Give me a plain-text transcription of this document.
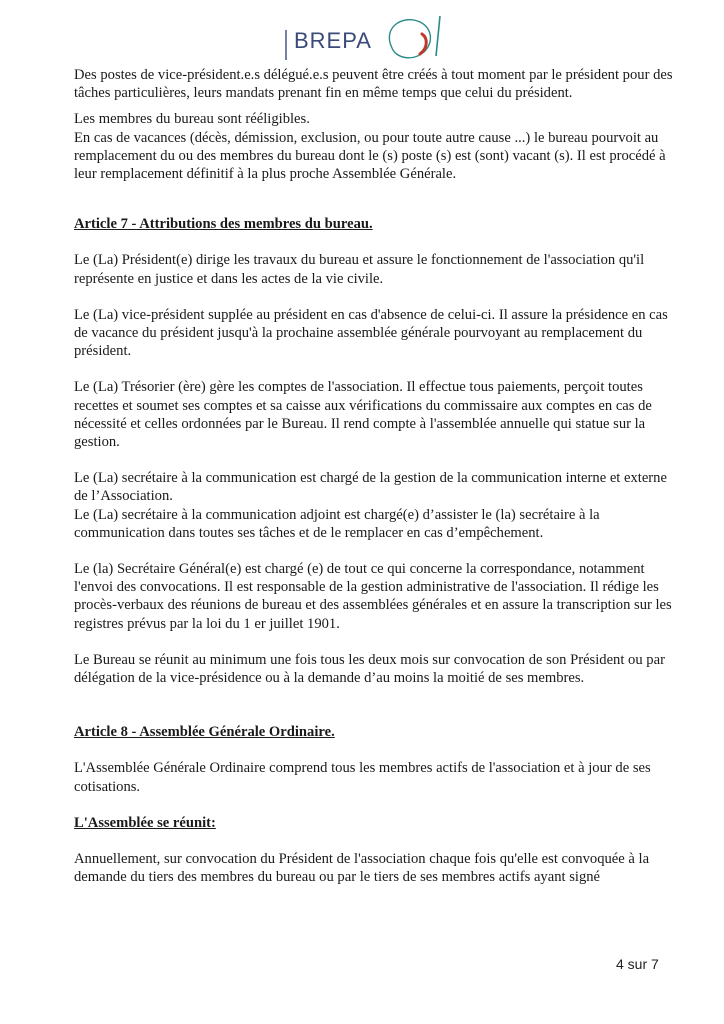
BREPA

Des postes de vice-président.e.s délégué.e.s peuvent être créés à tout moment par le président pour des tâches particulières, leurs mandats prenant fin en même temps que celui du président.

Les membres du bureau sont rééligibles.

En cas de vacances (décès, démission, exclusion, ou pour toute autre cause ...) le bureau pourvoit au remplacement du ou des membres du bureau dont le (s) poste (s) est (sont) vacant (s). Il est procédé à leur remplacement définitif à la plus proche Assemblée Générale.

Article 7 - Attributions des membres du bureau.

Le (La) Président(e) dirige les travaux du bureau et assure le fonctionnement de l'association qu'il représente en justice et dans les actes de la vie civile.

Le (La) vice-président supplée au président en cas d'absence de celui-ci. Il assure la présidence en cas de vacance du président jusqu'à la prochaine assemblée générale pourvoyant au remplacement du président.

Le (La) Trésorier (ère) gère les comptes de l'association. Il effectue tous paiements, perçoit toutes recettes et soumet ses comptes et sa caisse aux vérifications du commissaire aux comptes en cas de nécessité et celles ordonnées par le Bureau. Il rend compte à l'assemblée annuelle qui statue sur la gestion.

Le (La) secrétaire à la communication est chargé de la gestion de la communication interne et externe de l’Association.

Le (La) secrétaire à la communication adjoint est chargé(e) d’assister le (la) secrétaire à la communication dans toutes ses tâches et de le remplacer en cas d’empêchement.

Le (la) Secrétaire Général(e) est chargé (e) de tout ce qui concerne la correspondance, notamment l'envoi des convocations. Il est responsable de la gestion administrative de l'association. Il rédige les procès-verbaux des réunions de bureau et des assemblées générales et en assure la transcription sur les registres prévus par la loi du 1 er juillet 1901.

Le Bureau se réunit au minimum une fois tous les deux mois sur convocation de son Président ou par délégation de la vice-présidence ou à la demande d’au moins la moitié de ses membres.

Article 8 - Assemblée Générale Ordinaire.

L'Assemblée Générale Ordinaire comprend tous les membres actifs de l'association et à jour de ses cotisations.

L'Assemblée se réunit:

Annuellement, sur convocation du Président de l'association chaque fois qu'elle est convoquée à la demande du tiers des membres du bureau ou par le tiers de ses membres actifs ayant signé

4 sur 7
